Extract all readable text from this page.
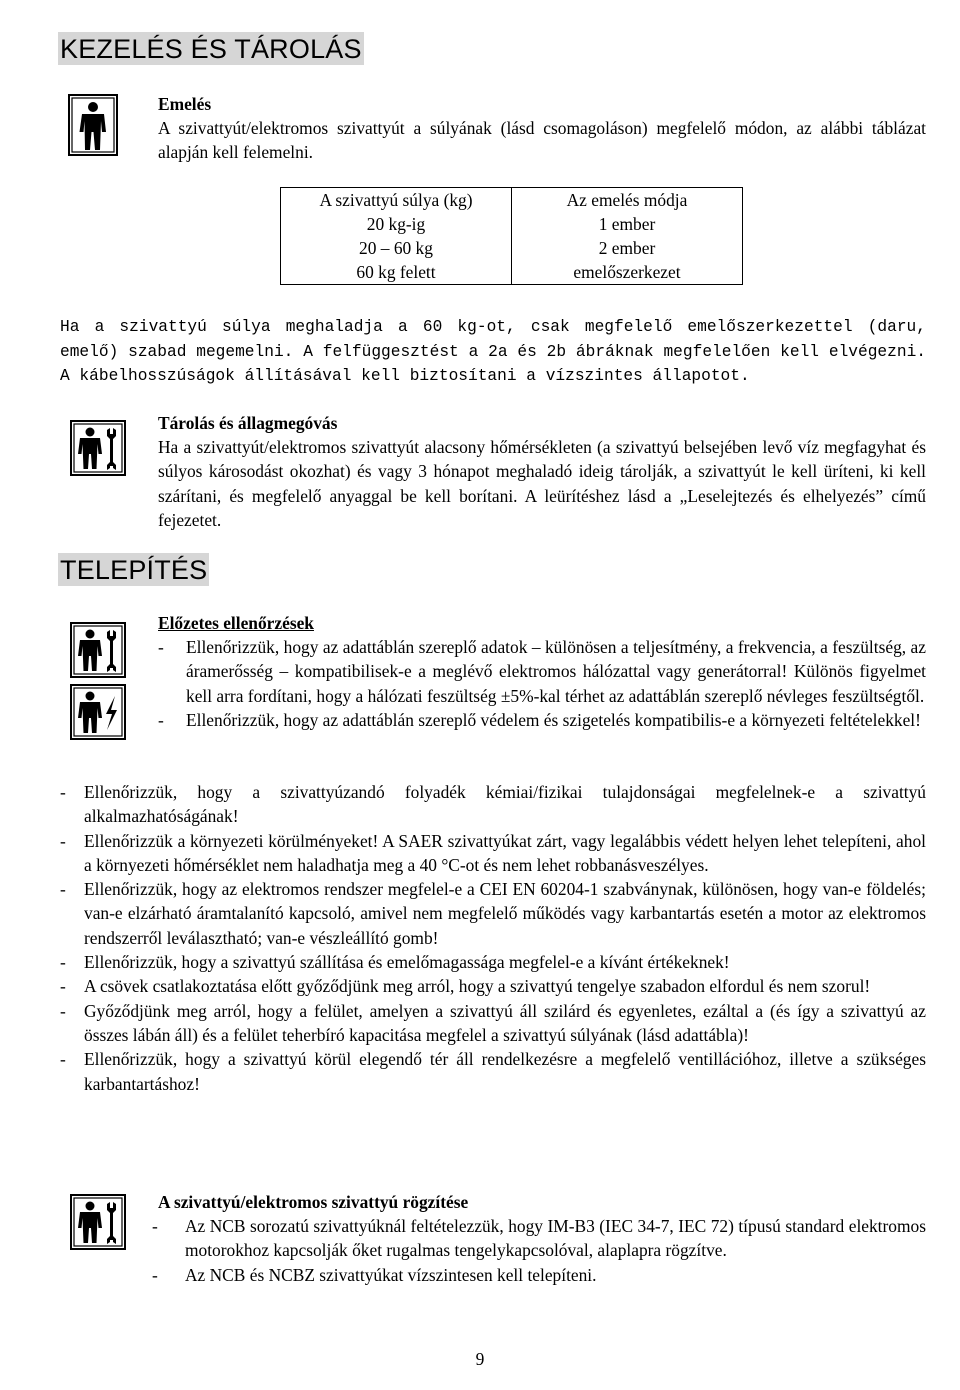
KEZELÉS ÉS TÁROLÁS
Emelés
A szivattyút/elektromos szivattyút a súlyának (lásd csomagoláson) megfelelő módon, az alábbi táblázat alapján kell felemelni.
A szivattyú súlya (kg)	Az emelés módja
20 kg-ig	1 ember
20 – 60 kg	2 ember
60 kg felett	emelőszerkezet
Ha a szivattyú súlya meghaladja a 60 kg-ot, csak megfelelő emelőszerkezettel (daru, emelő) szabad megemelni. A felfüggesztést a 2a és 2b ábráknak megfelelően kell elvégezni. A kábelhosszúságok állításával kell biztosítani a vízszintes állapotot.
Tárolás és állagmegóvás
Ha a szivattyút/elektromos szivattyút alacsony hőmérsékleten (a szivattyú belsejében levő víz megfagyhat és súlyos károsodást okozhat) és vagy 3 hónapot meghaladó ideig tárolják, a szivattyút le kell üríteni, ki kell szárítani, és megfelelő anyaggal be kell borítani. A leürítéshez lásd a „Leselejtezés és elhelyezés” című fejezetet.
TELEPÍTÉS
Előzetes ellenőrzések
-	Ellenőrizzük, hogy az adattáblán szereplő adatok – különösen a teljesítmény, a frekvencia, a feszültség, az áramerősség – kompatibilisek-e a meglévő elektromos hálózattal vagy generátorral! Különös figyelmet kell arra fordítani, hogy a hálózati feszültség ±5%-kal térhet az adattáblán szereplő névleges feszültségtől.
-	Ellenőrizzük, hogy az adattáblán szereplő védelem és szigetelés kompatibilis-e a környezeti feltételekkel!
-	Ellenőrizzük, hogy a szivattyúzandó folyadék kémiai/fizikai tulajdonságai megfelelnek-e a szivattyú alkalmazhatóságának!
-	Ellenőrizzük a környezeti körülményeket! A SAER szivattyúkat zárt, vagy legalábbis védett helyen lehet telepíteni, ahol a környezeti hőmérséklet nem haladhatja meg a 40 °C-ot és nem lehet robbanásveszélyes.
-	Ellenőrizzük, hogy az elektromos rendszer megfelel-e a CEI EN 60204-1 szabványnak, különösen, hogy van-e földelés; van-e elzárható áramtalanító kapcsoló, amivel nem megfelelő működés vagy karbantartás esetén a motor az elektromos rendszerről leválasztható; van-e vészleállító gomb!
-	Ellenőrizzük, hogy a szivattyú szállítása és emelőmagassága megfelel-e a kívánt értékeknek!
-	A csövek csatlakoztatása előtt győződjünk meg arról, hogy a szivattyú tengelye szabadon elfordul és nem szorul!
-	Győződjünk meg arról, hogy a felület, amelyen a szivattyú áll szilárd és egyenletes, ezáltal a (és így a szivattyú az összes lábán áll) és a felület teherbíró kapacitása megfelel a szivattyú súlyának (lásd adattábla)!
-	Ellenőrizzük, hogy a szivattyú körül elegendő tér áll rendelkezésre a megfelelő ventillációhoz, illetve a szükséges karbantartáshoz!
A szivattyú/elektromos szivattyú rögzítése
-	Az NCB sorozatú szivattyúknál feltételezzük, hogy IM-B3 (IEC 34-7, IEC 72) típusú standard elektromos motorokhoz kapcsolják őket rugalmas tengelykapcsolóval, alaplapra rögzítve.
-	Az NCB és NCBZ szivattyúkat vízszintesen kell telepíteni.
9
